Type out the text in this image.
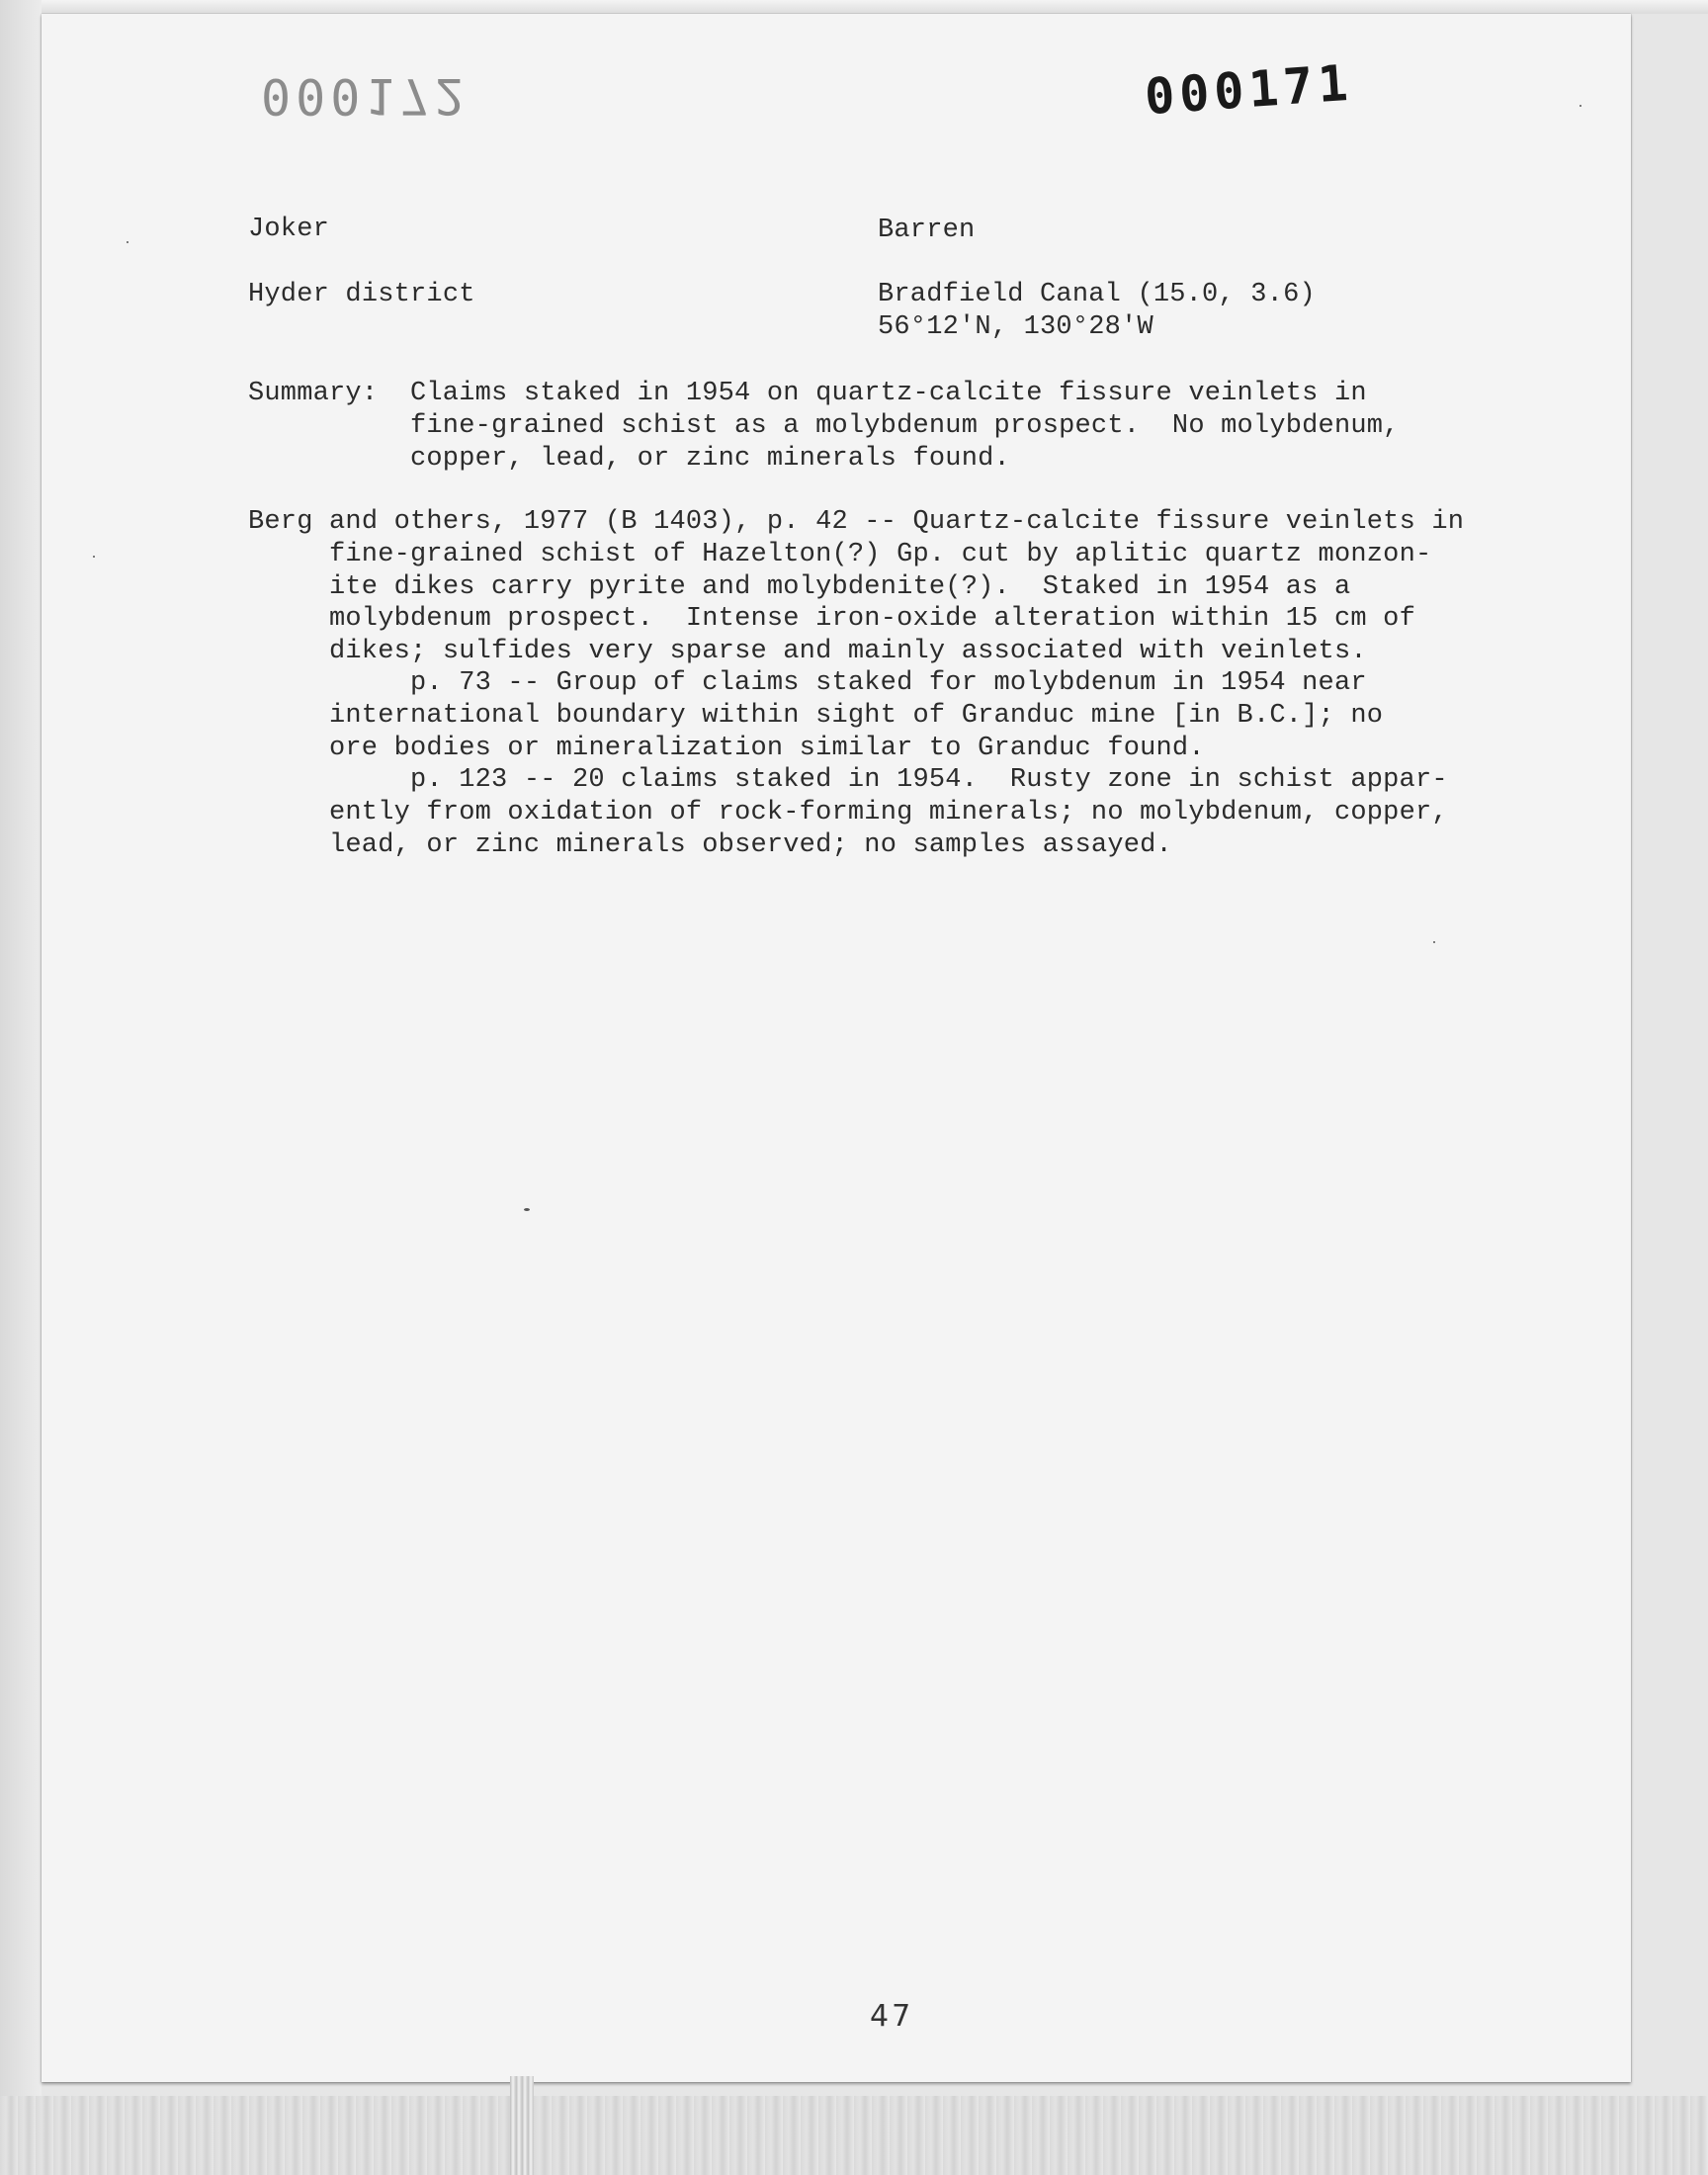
000172	000171

Joker	Barren

Hyder district	Bradfield Canal (15.0, 3.6)

56°12'N, 130°28'W

Summary: Claims staked in 1954 on quartz-calcite fissure veinlets in

fine-grained schist as a molybdenum prospect.  No molybdenum,

copper, lead, or zinc minerals found.

Berg and others, 1977 (B 1403), p. 42 -- Quartz-calcite fissure veinlets in

fine-grained schist of Hazelton(?) Gp. cut by aplitic quartz monzon-

ite dikes carry pyrite and molybdenite(?).  Staked in 1954 as a

molybdenum prospect.  Intense iron-oxide alteration within 15 cm of

dikes; sulfides very sparse and mainly associated with veinlets.

p. 73 -- Group of claims staked for molybdenum in 1954 near

international boundary within sight of Granduc mine [in B.C.]; no

ore bodies or mineralization similar to Granduc found.

p. 123 -- 20 claims staked in 1954.  Rusty zone in schist appar-

ently from oxidation of rock-forming minerals; no molybdenum, copper,

lead, or zinc minerals observed; no samples assayed.

47
